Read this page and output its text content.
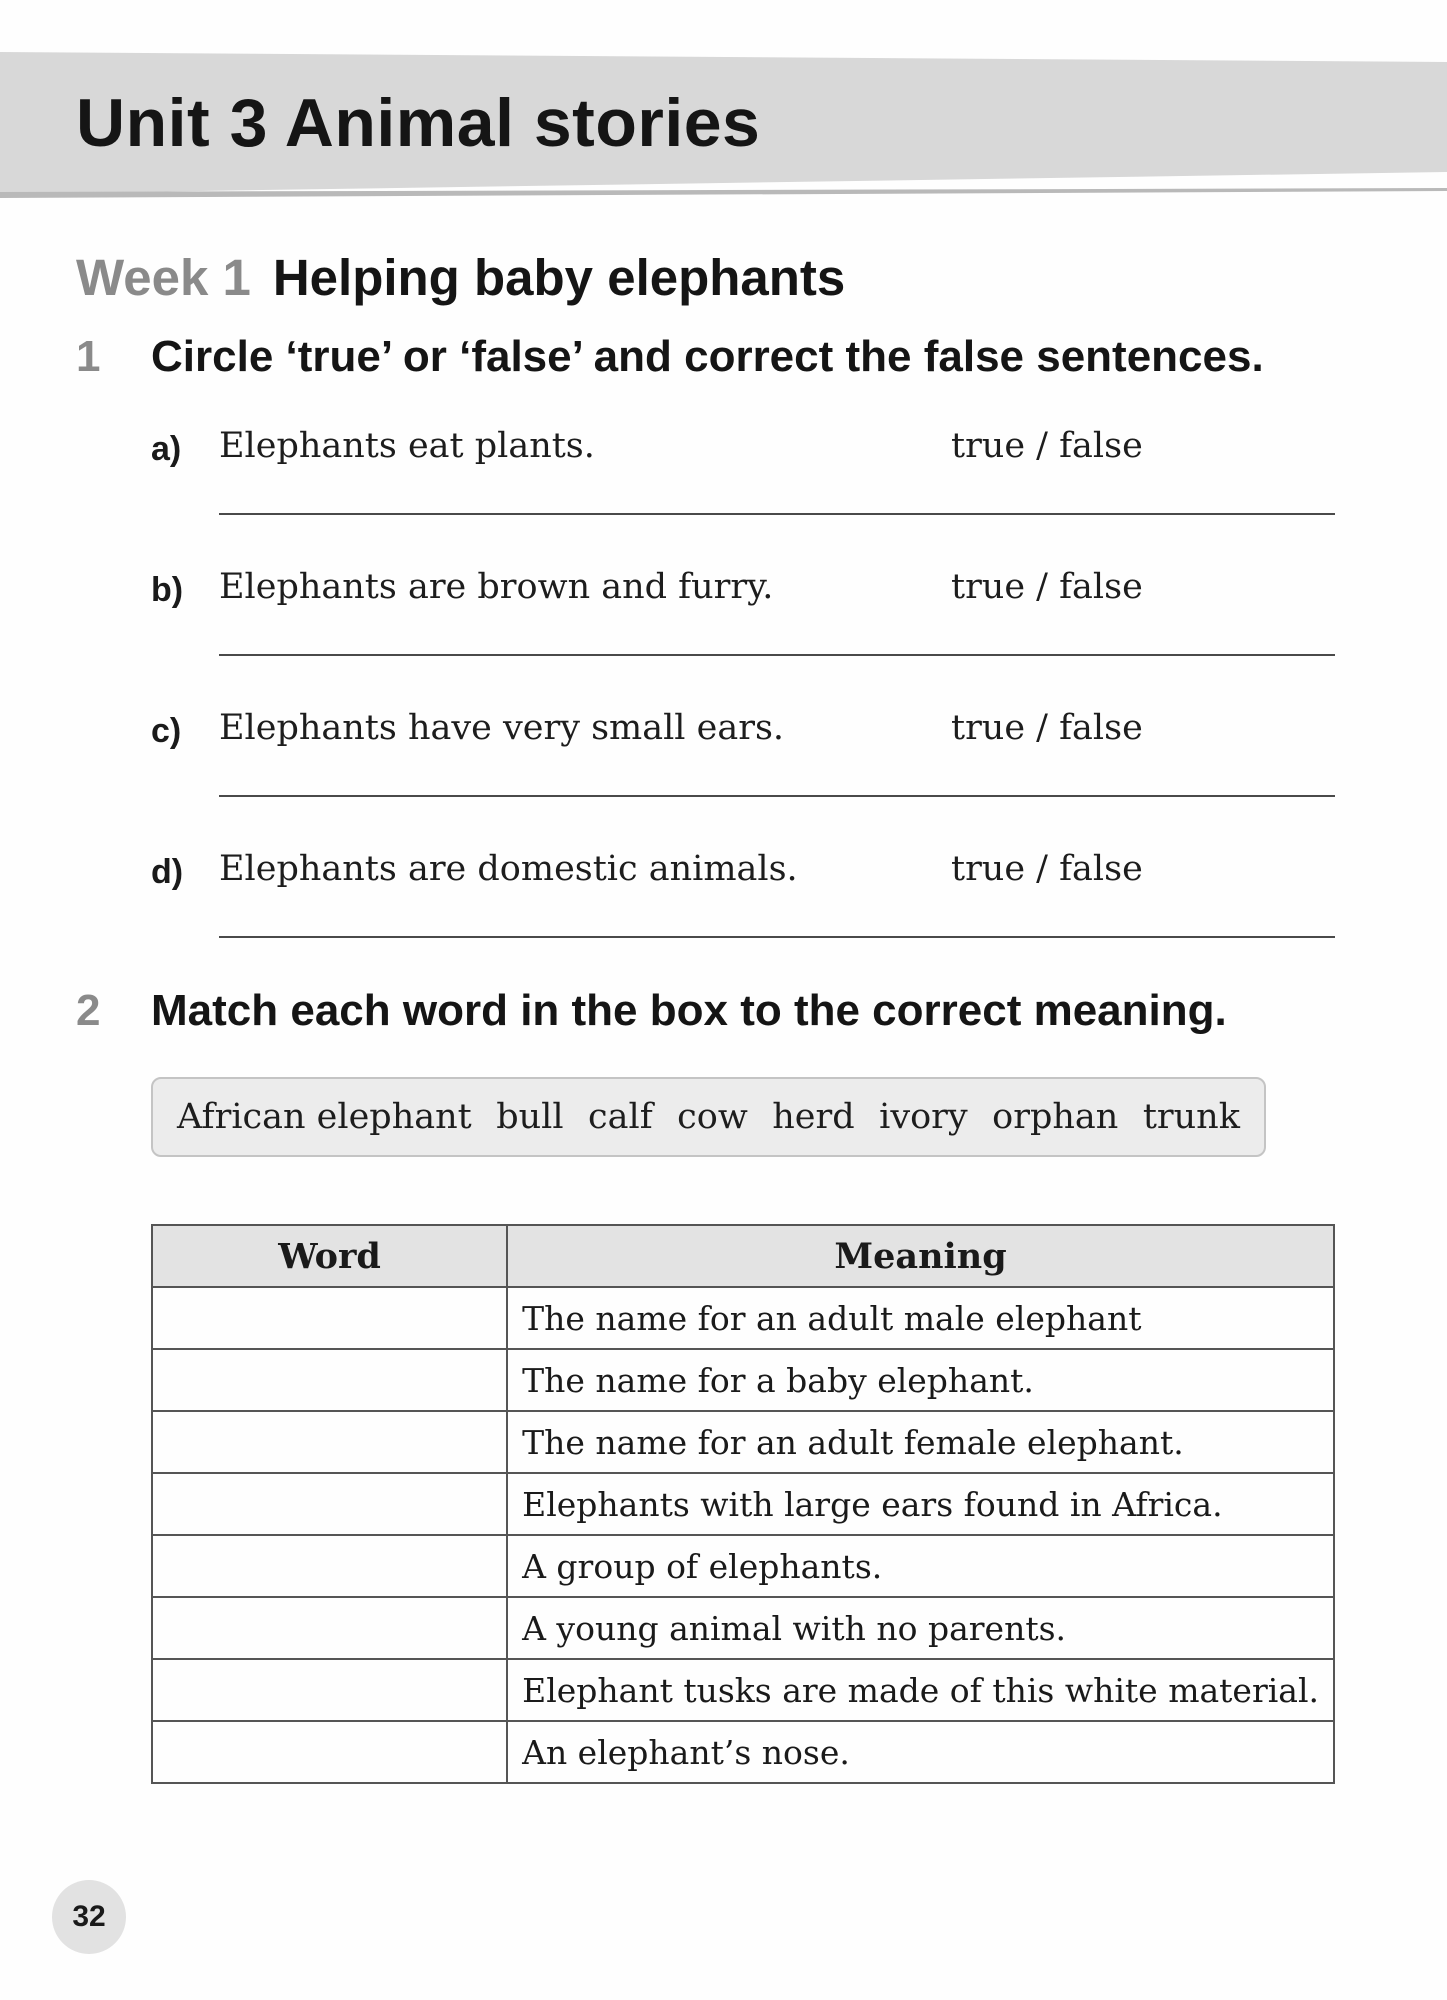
Unit 3 Animal stories
Week 1 Helping baby elephants
1 Circle ‘true’ or ‘false’ and correct the false sentences.
a) Elephants eat plants.	true / false
b) Elephants are brown and furry.	true / false
c) Elephants have very small ears.	true / false
d) Elephants are domestic animals.	true / false
2 Match each word in the box to the correct meaning.
African elephant bull calf cow herd ivory orphan trunk
Word	Meaning
	The name for an adult male elephant
	The name for a baby elephant.
	The name for an adult female elephant.
	Elephants with large ears found in Africa.
	A group of elephants.
	A young animal with no parents.
	Elephant tusks are made of this white material.
	An elephant’s nose.
32
